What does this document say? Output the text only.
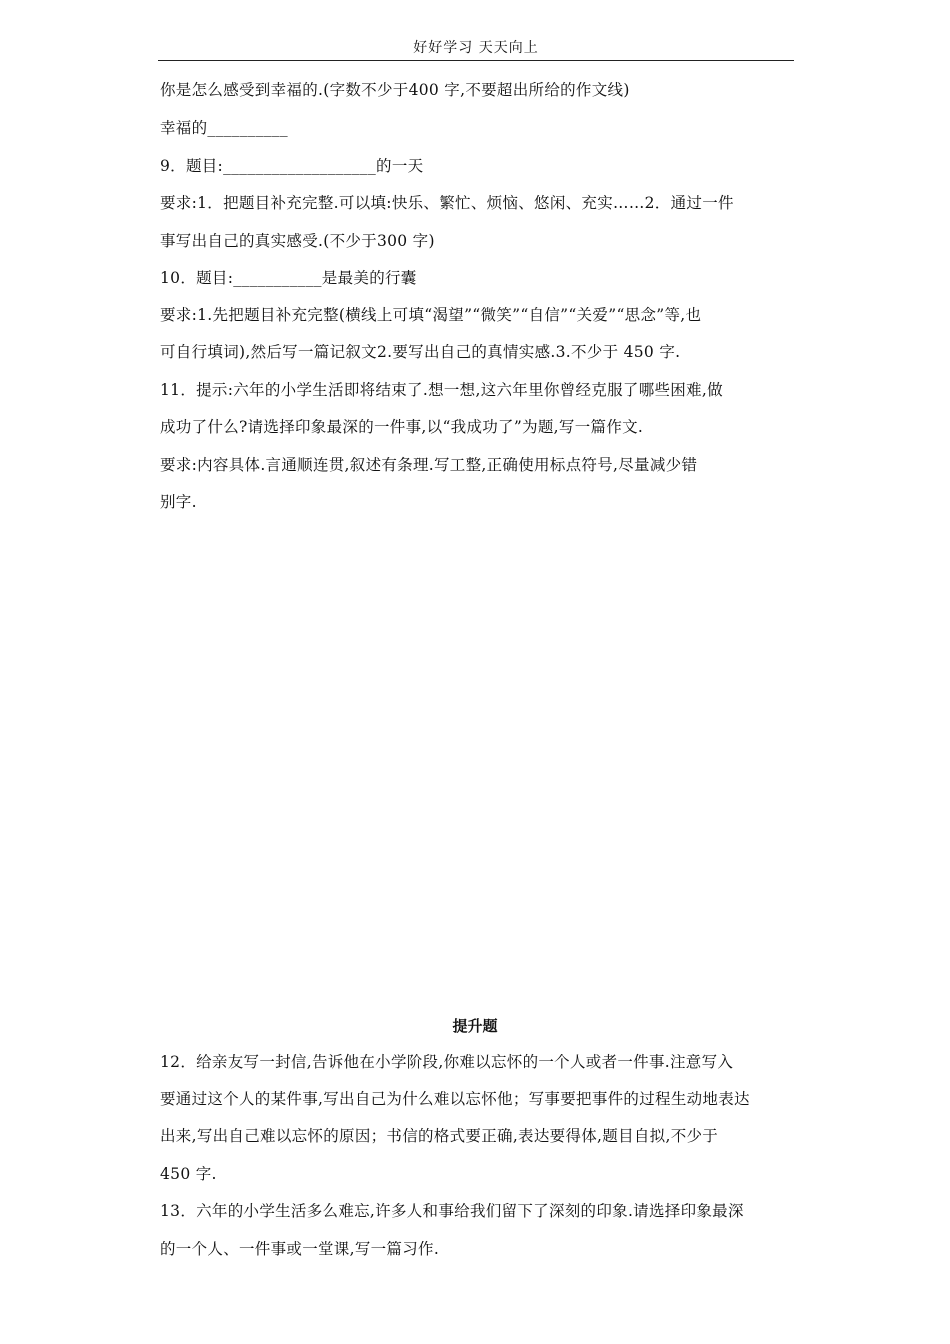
好好学习 天天向上
你是怎么感受到幸福的.(字数不少于400 字,不要超出所给的作文线)
幸福的__________
9．题目:___________________的一天
要求:1．把题目补充完整.可以填:快乐、繁忙、烦恼、悠闲、充实……2．通过一件
事写出自己的真实感受.(不少于300 字)
10．题目:___________是最美的行囊
要求:1.先把题目补充完整(横线上可填“渴望”“微笑”“自信”“关爱”“思念”等,也
可自行填词),然后写一篇记叙文2.要写出自己的真情实感.3.不少于 450 字.
11．提示:六年的小学生活即将结束了.想一想,这六年里你曾经克服了哪些困难,做
成功了什么?请选择印象最深的一件事,以“我成功了”为题,写一篇作文.
要求:内容具体.言通顺连贯,叙述有条理.写工整,正确使用标点符号,尽量减少错
别字.
提升题
12．给亲友写一封信,告诉他在小学阶段,你难以忘怀的一个人或者一件事.注意写入
要通过这个人的某件事,写出自己为什么难以忘怀他；写事要把事件的过程生动地表达
出来,写出自己难以忘怀的原因；书信的格式要正确,表达要得体,题目自拟,不少于
450 字.
13．六年的小学生活多么难忘,许多人和事给我们留下了深刻的印象.请选择印象最深
的一个人、一件事或一堂课,写一篇习作.
